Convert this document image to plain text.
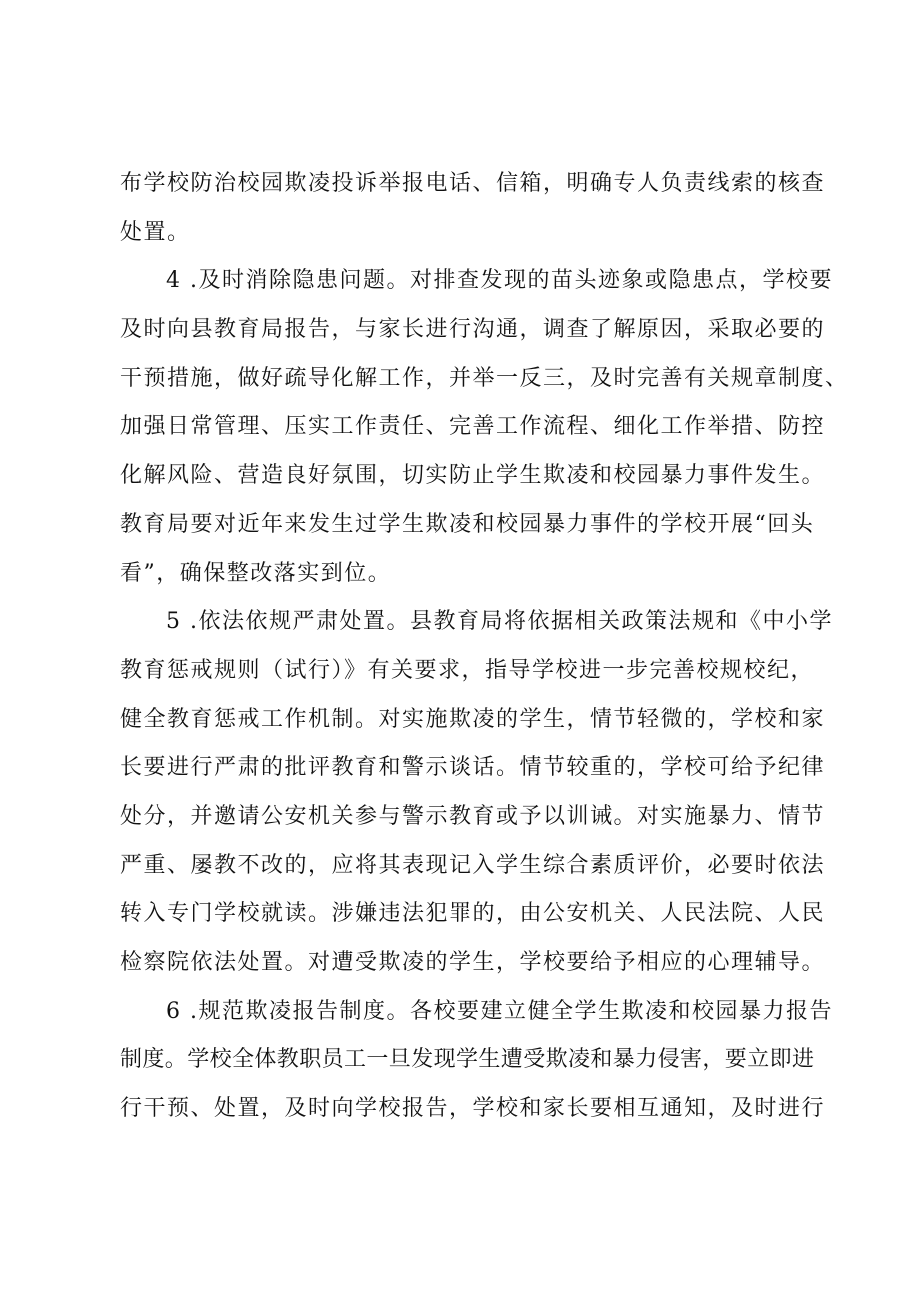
布学校防治校园欺凌投诉举报电话、信箱，明确专人负责线索的核查
处置。
4 .及时消除隐患问题。对排查发现的苗头迹象或隐患点，学校要
及时向县教育局报告，与家长进行沟通，调查了解原因，采取必要的
干预措施，做好疏导化解工作，并举一反三，及时完善有关规章制度、
加强日常管理、压实工作责任、完善工作流程、细化工作举措、防控
化解风险、营造良好氛围，切实防止学生欺凌和校园暴力事件发生。
教育局要对近年来发生过学生欺凌和校园暴力事件的学校开展“回头
看”，确保整改落实到位。
5 .依法依规严肃处置。县教育局将依据相关政策法规和《中小学
教育惩戒规则（试行）》有关要求，指导学校进一步完善校规校纪，
健全教育惩戒工作机制。对实施欺凌的学生，情节轻微的，学校和家
长要进行严肃的批评教育和警示谈话。情节较重的，学校可给予纪律
处分，并邀请公安机关参与警示教育或予以训诫。对实施暴力、情节
严重、屡教不改的，应将其表现记入学生综合素质评价，必要时依法
转入专门学校就读。涉嫌违法犯罪的，由公安机关、人民法院、人民
检察院依法处置。对遭受欺凌的学生，学校要给予相应的心理辅导。
6 .规范欺凌报告制度。各校要建立健全学生欺凌和校园暴力报告
制度。学校全体教职员工一旦发现学生遭受欺凌和暴力侵害，要立即进
行干预、处置，及时向学校报告，学校和家长要相互通知，及时进行
